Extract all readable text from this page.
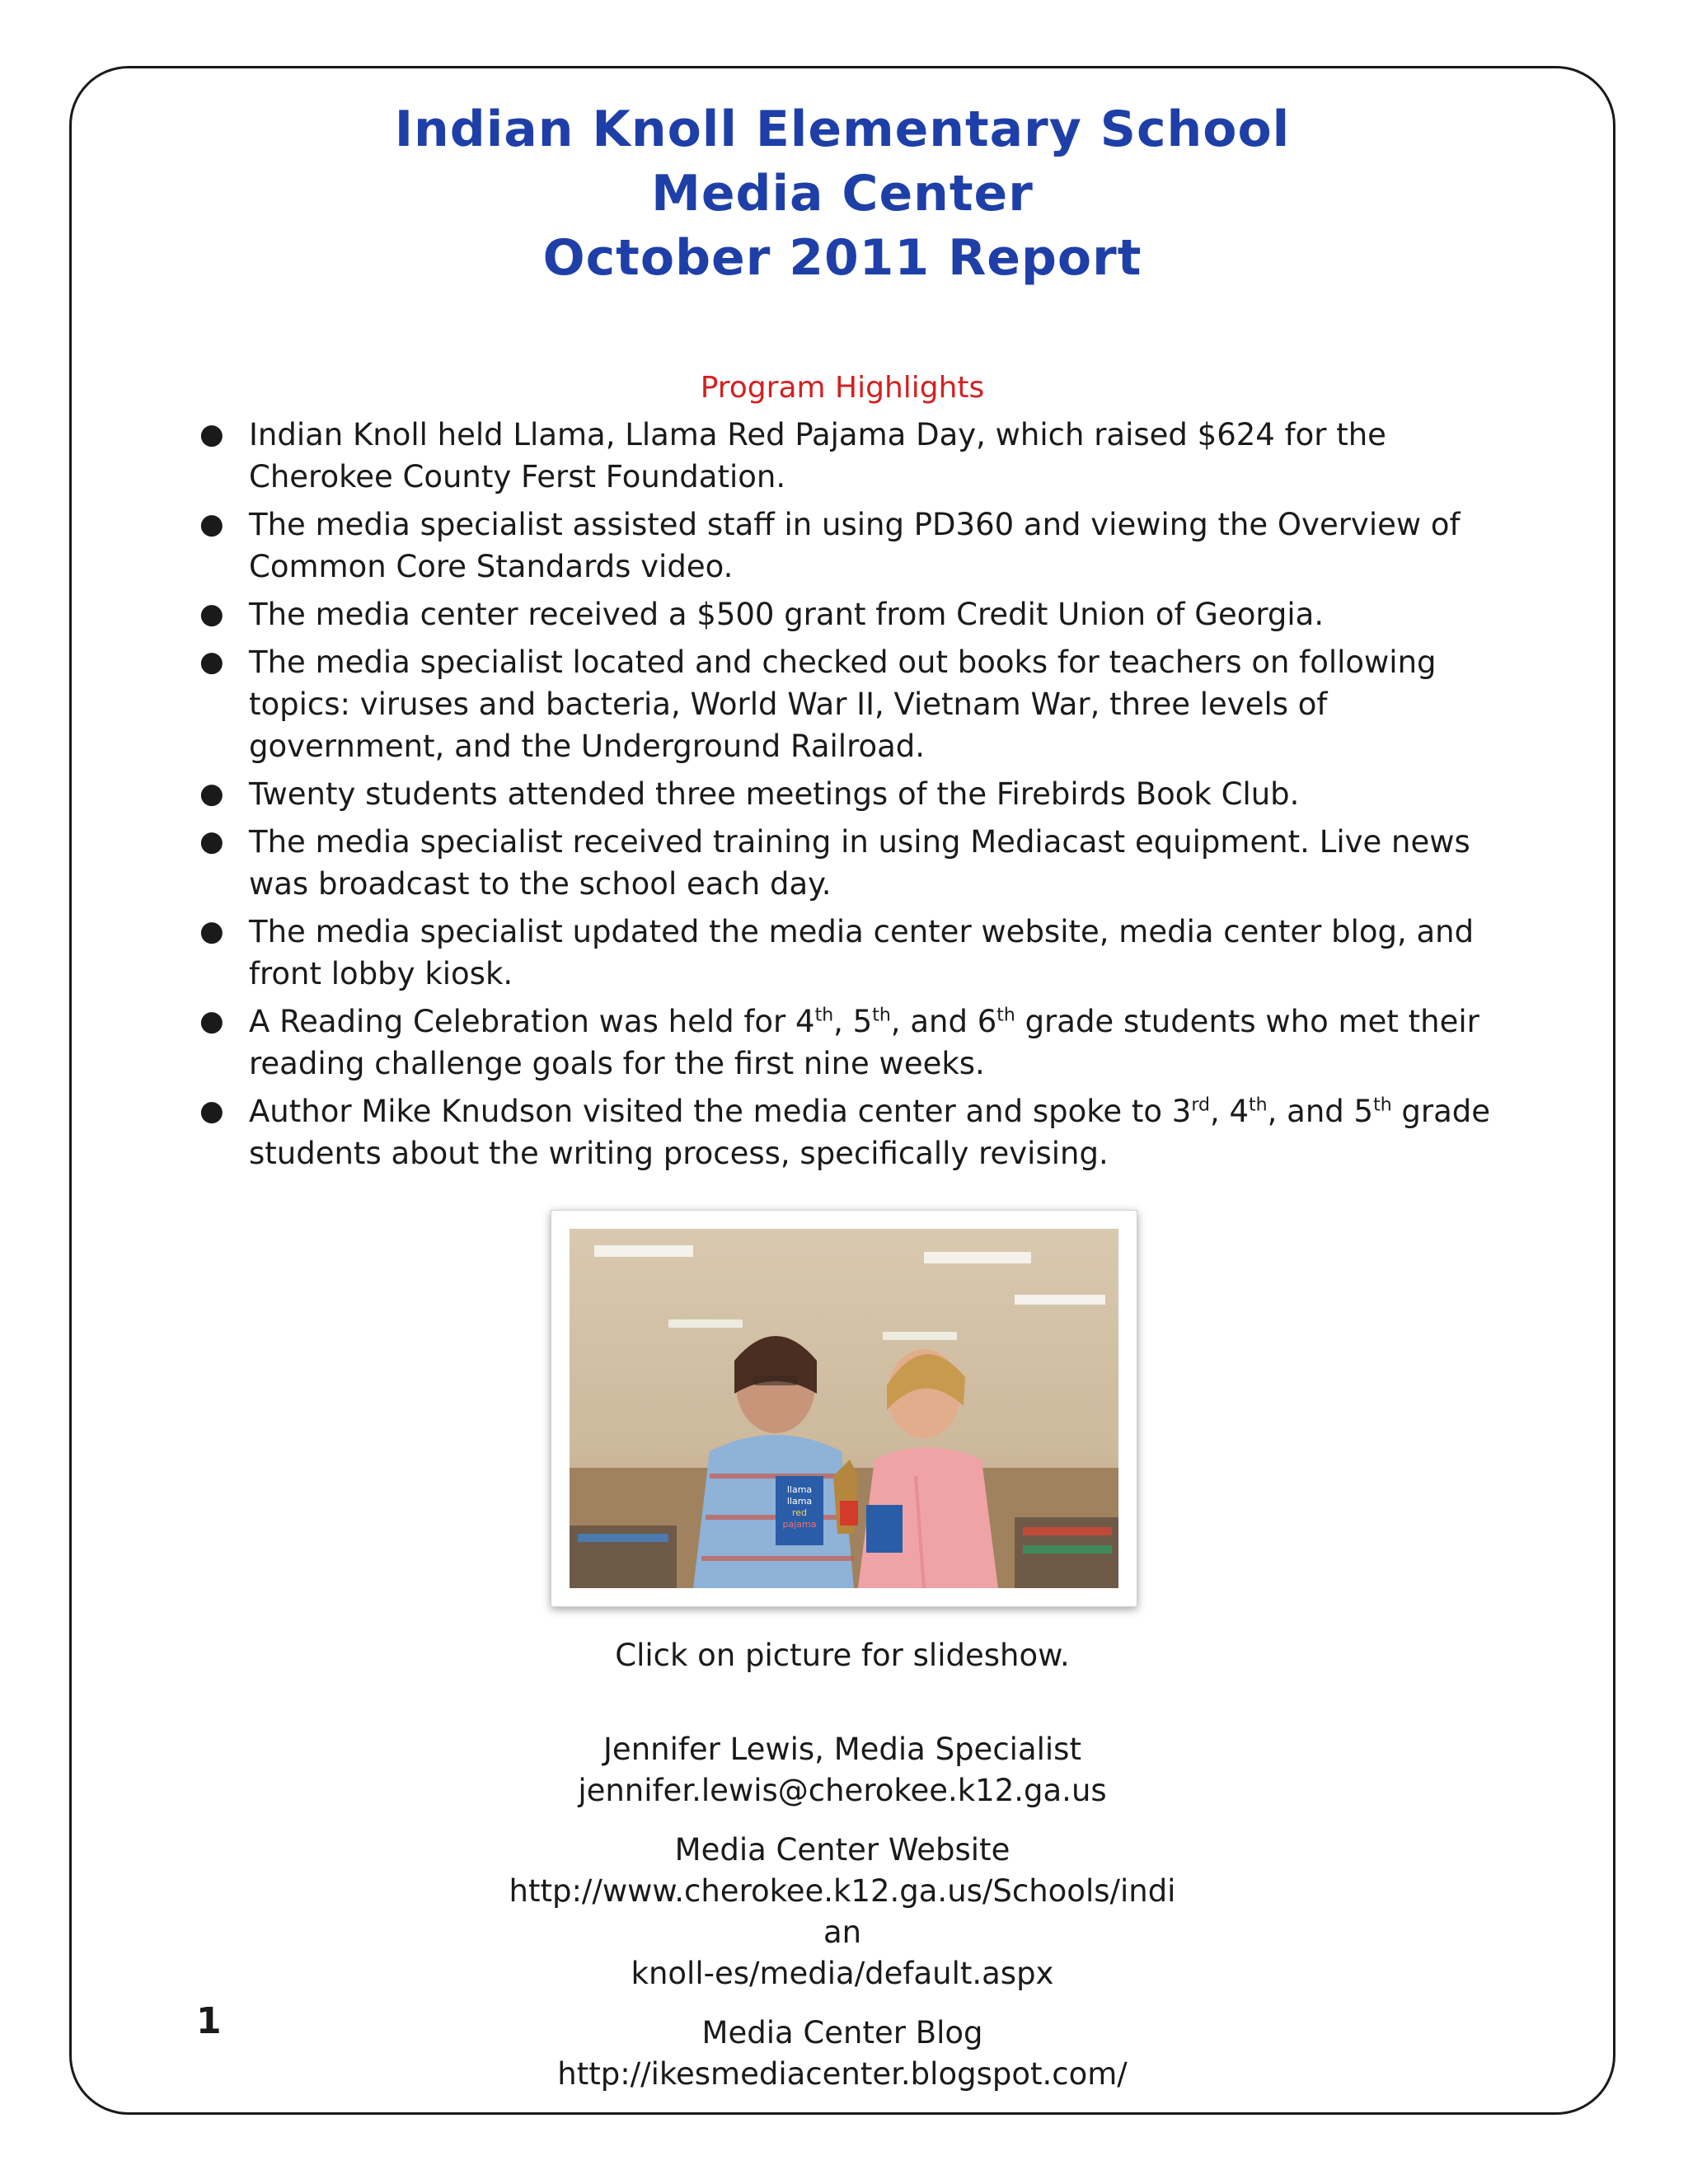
Indian Knoll Elementary School
Media Center
October 2011 Report
Program Highlights
● Indian Knoll held Llama, Llama Red Pajama Day, which raised $624 for the Cherokee County Ferst Foundation.
● The media specialist assisted staff in using PD360 and viewing the Overview of Common Core Standards video.
● The media center received a $500 grant from Credit Union of Georgia.
● The media specialist located and checked out books for teachers on following topics: viruses and bacteria, World War II, Vietnam War, three levels of government, and the Underground Railroad.
● Twenty students attended three meetings of the Firebirds Book Club.
● The media specialist received training in using Mediacast equipment. Live news was broadcast to the school each day.
● The media specialist updated the media center website, media center blog, and front lobby kiosk.
● A Reading Celebration was held for 4th, 5th, and 6th grade students who met their reading challenge goals for the first nine weeks.
● Author Mike Knudson visited the media center and spoke to 3rd, 4th, and 5th grade students about the writing process, specifically revising.
llama
llama
red
pajama
Click on picture for slideshow.
Jennifer Lewis, Media Specialist
jennifer.lewis@cherokee.k12.ga.us
Media Center Website
http://www.cherokee.k12.ga.us/Schools/indi
an
knoll-es/media/default.aspx
Media Center Blog
http://ikesmediacenter.blogspot.com/
1
